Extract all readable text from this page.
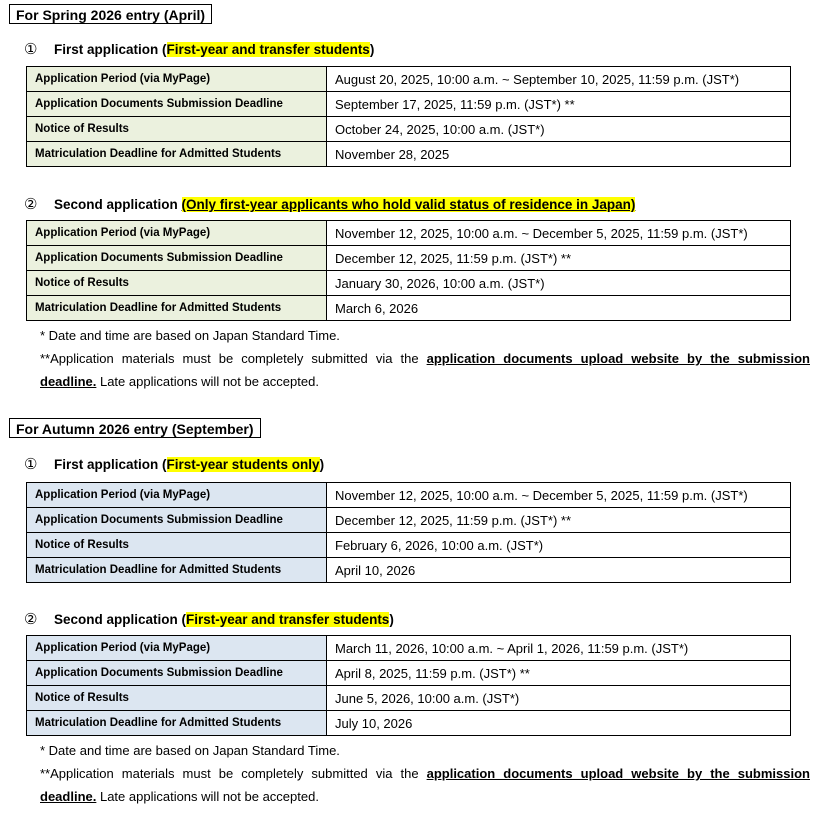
For Spring 2026 entry (April)
① First application (First-year and transfer students)
Application Period (via MyPage)	August 20, 2025, 10:00 a.m. ~ September 10, 2025, 11:59 p.m. (JST*)
Application Documents Submission Deadline	September 17, 2025, 11:59 p.m. (JST*) **
Notice of Results	October 24, 2025, 10:00 a.m. (JST*)
Matriculation Deadline for Admitted Students	November 28, 2025
② Second application (Only first-year applicants who hold valid status of residence in Japan)
Application Period (via MyPage)	November 12, 2025, 10:00 a.m. ~ December 5, 2025, 11:59 p.m. (JST*)
Application Documents Submission Deadline	December 12, 2025, 11:59 p.m. (JST*) **
Notice of Results	January 30, 2026, 10:00 a.m. (JST*)
Matriculation Deadline for Admitted Students	March 6, 2026
* Date and time are based on Japan Standard Time.
**Application materials must be completely submitted via the application documents upload website by the submission
deadline. Late applications will not be accepted.
For Autumn 2026 entry (September)
① First application (First-year students only)
Application Period (via MyPage)	November 12, 2025, 10:00 a.m. ~ December 5, 2025, 11:59 p.m. (JST*)
Application Documents Submission Deadline	December 12, 2025, 11:59 p.m. (JST*) **
Notice of Results	February 6, 2026, 10:00 a.m. (JST*)
Matriculation Deadline for Admitted Students	April 10, 2026
② Second application (First-year and transfer students)
Application Period (via MyPage)	March 11, 2026, 10:00 a.m. ~ April 1, 2026, 11:59 p.m. (JST*)
Application Documents Submission Deadline	April 8, 2025, 11:59 p.m. (JST*) **
Notice of Results	June 5, 2026, 10:00 a.m. (JST*)
Matriculation Deadline for Admitted Students	July 10, 2026
* Date and time are based on Japan Standard Time.
**Application materials must be completely submitted via the application documents upload website by the submission
deadline. Late applications will not be accepted.
